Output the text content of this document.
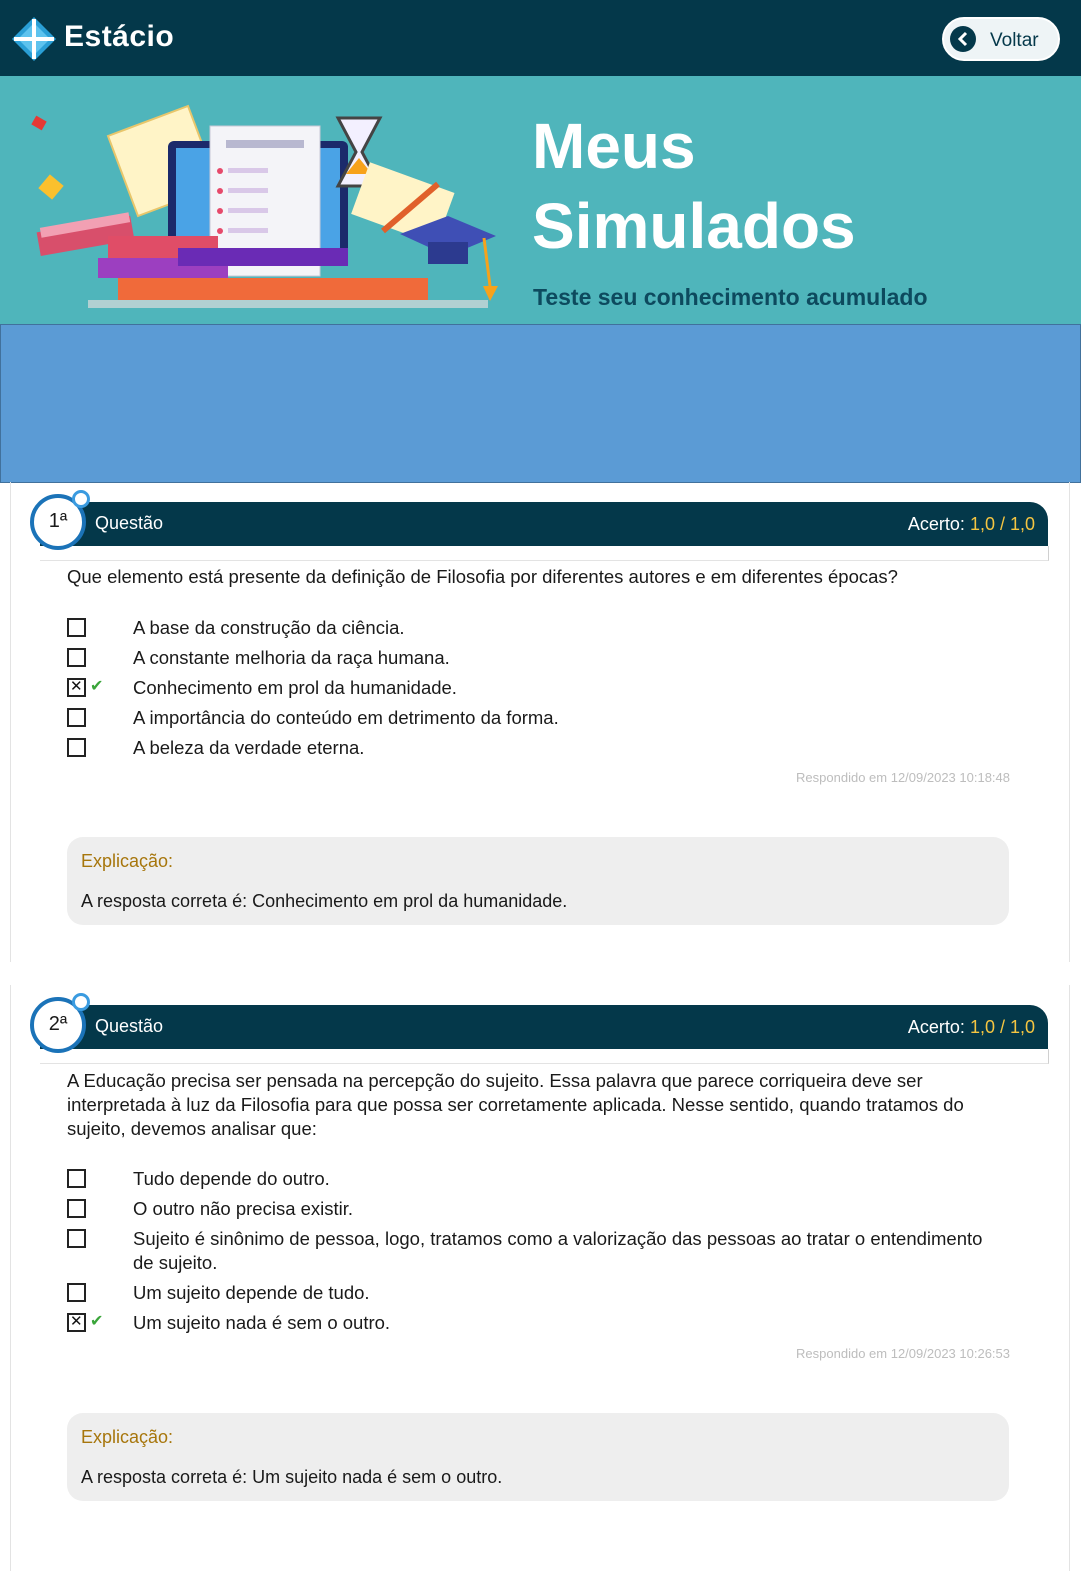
Estácio	Voltar
Meus
Simulados
Teste seu conhecimento acumulado
1ª	Questão	Acerto: 1,0 / 1,0
Que elemento está presente da definição de Filosofia por diferentes autores e em diferentes épocas?
A base da construção da ciência.
A constante melhoria da raça humana.
✕
✔ Conhecimento em prol da humanidade.
A importância do conteúdo em detrimento da forma.
A beleza da verdade eterna.
Respondido em 12/09/2023 10:18:48
Explicação:
A resposta correta é: Conhecimento em prol da humanidade.
2ª	Questão	Acerto: 1,0 / 1,0
A Educação precisa ser pensada na percepção do sujeito. Essa palavra que parece corriqueira deve ser interpretada à luz da Filosofia para que possa ser corretamente aplicada. Nesse sentido, quando tratamos do sujeito, devemos analisar que:
Tudo depende do outro.
O outro não precisa existir.
Sujeito é sinônimo de pessoa, logo, tratamos como a valorização das pessoas ao tratar o entendimento de sujeito.
Um sujeito depende de tudo.
✕
✔ Um sujeito nada é sem o outro.
Respondido em 12/09/2023 10:26:53
Explicação:
A resposta correta é: Um sujeito nada é sem o outro.
